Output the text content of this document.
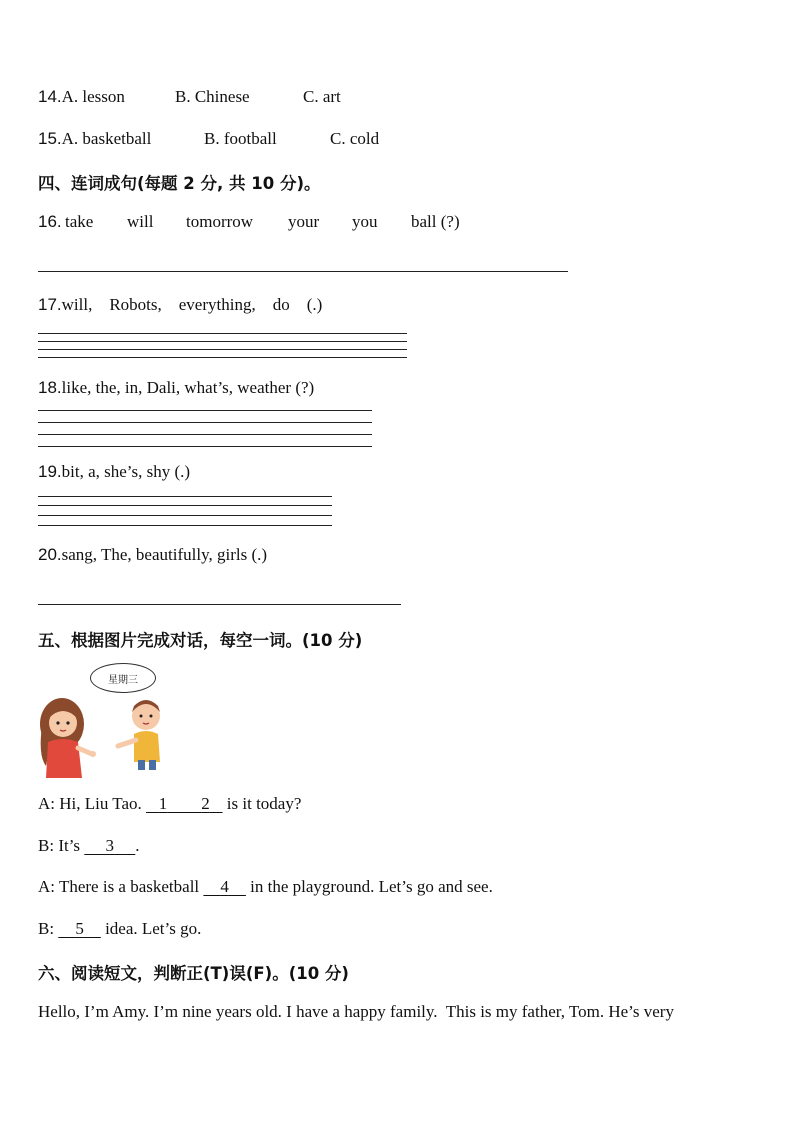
14.A. lesson	B. Chinese	C. art
15.A. basketball	B. football	C. cold
四、连词成句(每题 2 分, 共 10 分)。
16. take will tomorrow your you ball (?)
17.will,    Robots,    everything,    do    (.)
18.like, the, in, Dali, what’s, weather (?)
19.bit, a, she’s, shy (.)
20.sang, The, beautifully, girls (.)
五、根据图片完成对话，每空一词。(10 分)
星期三
A: Hi, Liu Tao.    1 2    is it today?
B: It’s      3 .
A: There is a basketball     4     in the playground. Let’s go and see.
B:     5     idea. Let’s go.
六、阅读短文，判断正(T)误(F)。(10 分)
Hello, I’m Amy. I’m nine years old. I have a happy family.  This is my father, Tom. He’s very
